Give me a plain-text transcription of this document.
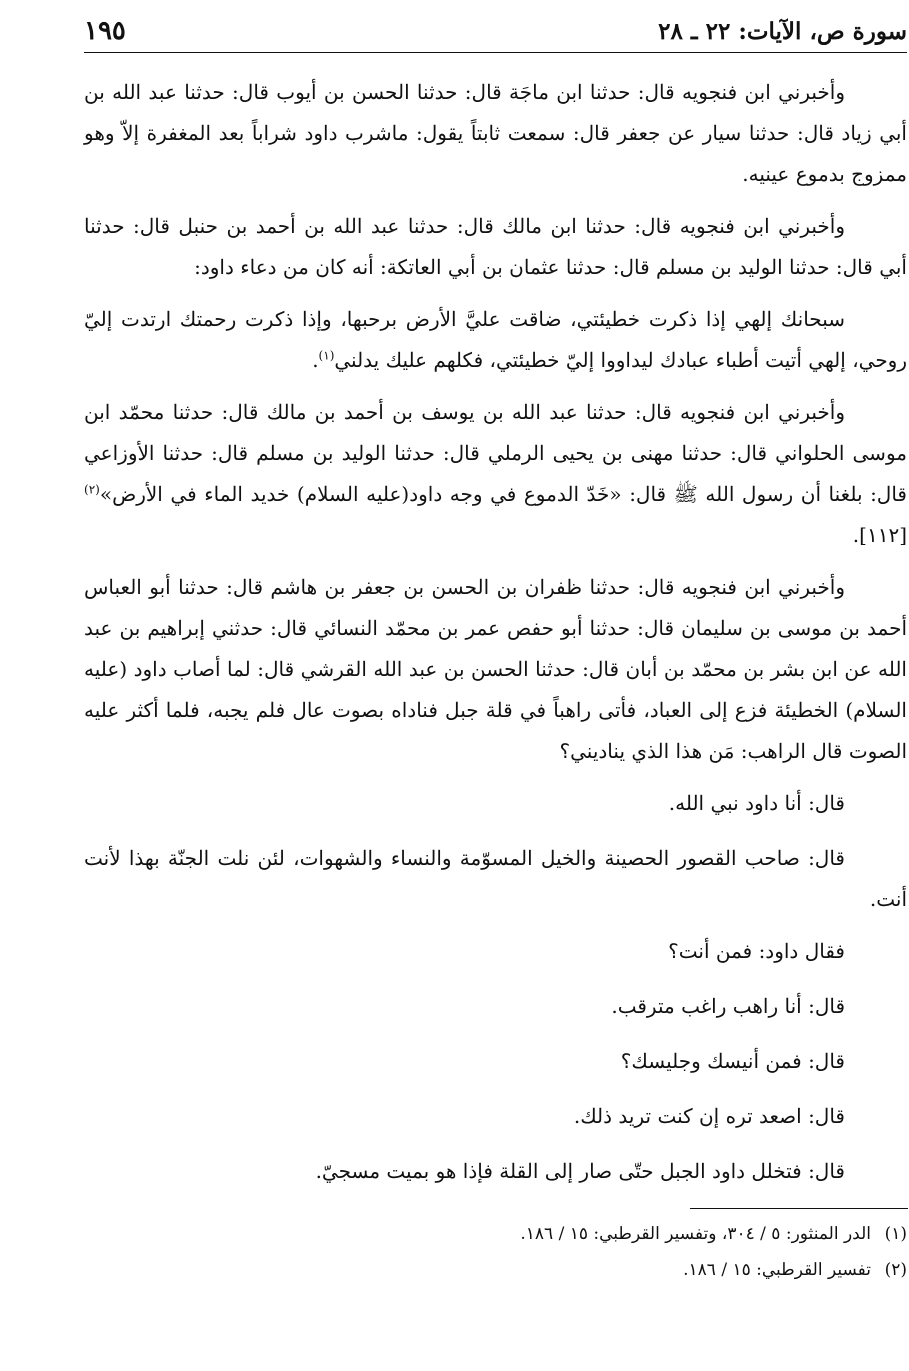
سورة ص، الآيات: ٢٢ ـ ٢٨
١٩٥

وأخبرني ابن فنجويه قال: حدثنا ابن ماجَة قال: حدثنا الحسن بن أيوب قال: حدثنا عبد الله بن أبي زياد قال: حدثنا سيار عن جعفر قال: سمعت ثابتاً يقول: ماشرب داود شراباً بعد المغفرة إلاّ وهو ممزوج بدموع عينيه.

وأخبرني ابن فنجويه قال: حدثنا ابن مالك قال: حدثنا عبد الله بن أحمد بن حنبل قال: حدثنا أبي قال: حدثنا الوليد بن مسلم قال: حدثنا عثمان بن أبي العاتكة: أنه كان من دعاء داود:

سبحانك إلهي إذا ذكرت خطيئتي، ضاقت عليَّ الأرض برحبها، وإذا ذكرت رحمتك ارتدت إليّ روحي، إلهي أتيت أطباء عبادك ليداووا إليّ خطيئتي، فكلهم عليك يدلني$^{(١)}$.

وأخبرني ابن فنجويه قال: حدثنا عبد الله بن يوسف بن أحمد بن مالك قال: حدثنا محمّد ابن موسى الحلواني قال: حدثنا مهنى بن يحيى الرملي قال: حدثنا الوليد بن مسلم قال: حدثنا الأوزاعي قال: بلغنا أن رسول الله ﷺ قال: «خَدّ الدموع في وجه داود(عليه السلام) خديد الماء في الأرض»$^{(٢)}$ [١١٢].

وأخبرني ابن فنجويه قال: حدثنا ظفران بن الحسن بن جعفر بن هاشم قال: حدثنا أبو العباس أحمد بن موسى بن سليمان قال: حدثنا أبو حفص عمر بن محمّد النسائي قال: حدثني إبراهيم بن عبد الله عن ابن بشر بن محمّد بن أبان قال: حدثنا الحسن بن عبد الله القرشي قال: لما أصاب داود (عليه السلام) الخطيئة فزع إلى العباد، فأتى راهباً في قلة جبل فناداه بصوت عال فلم يجبه، فلما أكثر عليه الصوت قال الراهب: مَن هذا الذي يناديني؟

قال: أنا داود نبي الله.

قال: صاحب القصور الحصينة والخيل المسوّمة والنساء والشهوات، لئن نلت الجنّة بهذا لأنت أنت.

فقال داود: فمن أنت؟

قال: أنا راهب راغب مترقب.

قال: فمن أنيسك وجليسك؟

قال: اصعد تره إن كنت تريد ذلك.

قال: فتخلل داود الجبل حتّى صار إلى القلة فإذا هو بميت مسجيّ.

(١)
الدر المنثور: ٥ / ٣٠٤، وتفسير القرطبي: ١٥ / ١٨٦.
(٢)
تفسير القرطبي: ١٥ / ١٨٦.
